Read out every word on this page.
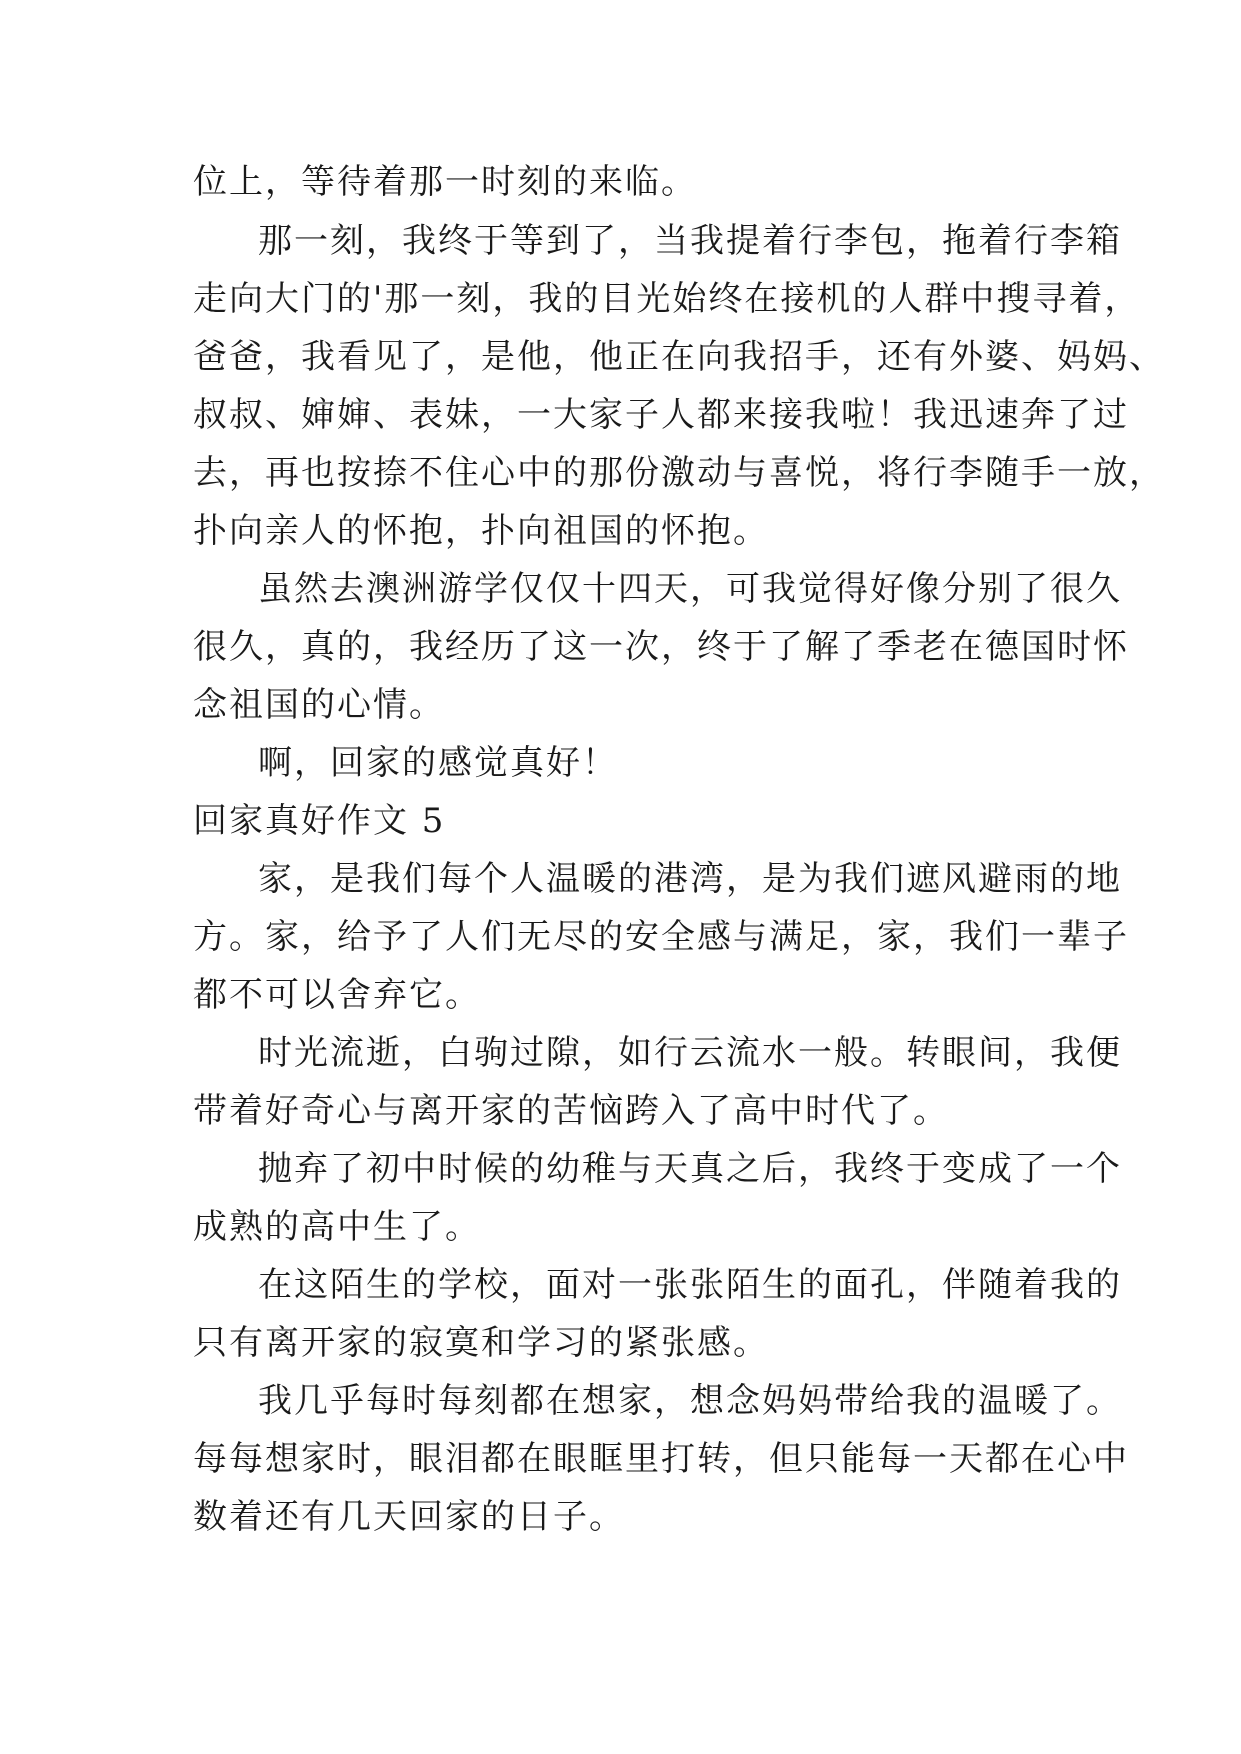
位上，等待着那一时刻的来临。
那一刻，我终于等到了，当我提着行李包，拖着行李箱
走向大门的'那一刻，我的目光始终在接机的人群中搜寻着，
爸爸，我看见了，是他，他正在向我招手，还有外婆、妈妈、
叔叔、婶婶、表妹，一大家子人都来接我啦！我迅速奔了过
去，再也按捺不住心中的那份激动与喜悦，将行李随手一放，
扑向亲人的怀抱，扑向祖国的怀抱。
虽然去澳洲游学仅仅十四天，可我觉得好像分别了很久
很久，真的，我经历了这一次，终于了解了季老在德国时怀
念祖国的心情。
啊，回家的感觉真好！
回家真好作文 5
家，是我们每个人温暖的港湾，是为我们遮风避雨的地
方。家，给予了人们无尽的安全感与满足，家，我们一辈子
都不可以舍弃它。
时光流逝，白驹过隙，如行云流水一般。转眼间，我便
带着好奇心与离开家的苦恼跨入了高中时代了。
抛弃了初中时候的幼稚与天真之后，我终于变成了一个
成熟的高中生了。
在这陌生的学校，面对一张张陌生的面孔，伴随着我的
只有离开家的寂寞和学习的紧张感。
我几乎每时每刻都在想家，想念妈妈带给我的温暖了。
每每想家时，眼泪都在眼眶里打转，但只能每一天都在心中
数着还有几天回家的日子。
